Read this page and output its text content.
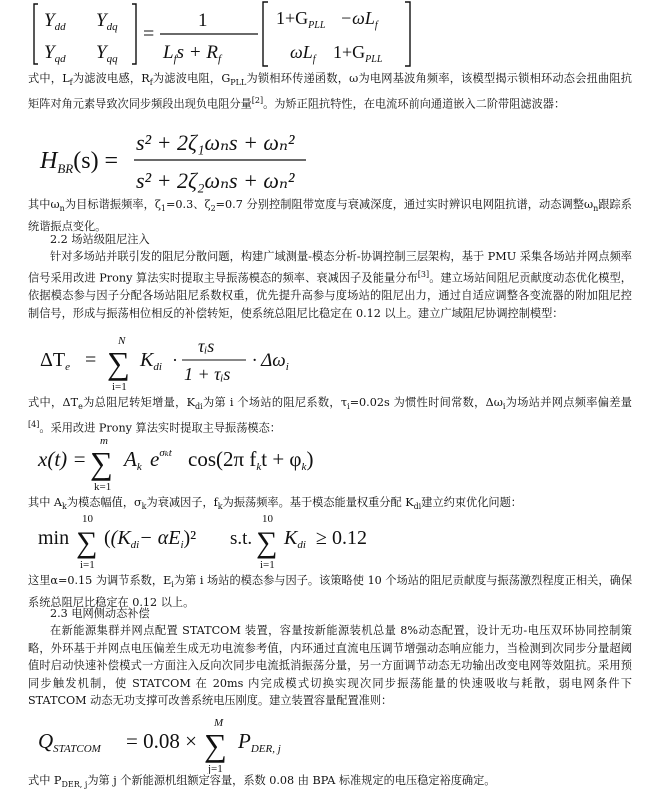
$Y_{dd}$ $Y_{dq}$
$Y_{qd}$ $Y_{qq}$
=
1
$L_fs + R_f$
$1+G_{PLL} -\omega L_f$
$\omega L_f$ $1+G_{PLL}$
式中，$L_f$为滤波电感，$R_f$为滤波电阻，$G_{PLL}$为锁相环传递函数，ω为电网基波角频率，该模型揭示锁相环动态会扭曲阻抗矩阵对角元素导致次同步频段出现负电阻分量[2]。为矫正阻抗特性，在电流环前向通道嵌入二阶带阻滤波器：
$H_{BR}(s)$ =
s² + 2ζ₁ωₙs + ωₙ²
s² + 2ζ₂ωₙs + ωₙ²
其中$\omega_n$为目标谐振频率，$\zeta_1=0.3$、$\zeta_2=0.7$ 分别控制阻带宽度与衰减深度，通过实时辨识电网阻抗谱，动态调整$\omega_n$跟踪系统谐振点变化。
2.2 场站级阻尼注入
针对多场站并联引发的阻尼分散问题，构建广域测量-模态分析-协调控制三层架构，基于 PMU 采集各场站并网点频率信号采用改进 Prony 算法实时提取主导振荡模态的频率、衰减因子及能量分布[3]。建立场站间阻尼贡献度动态优化模型，依据模态参与因子分配各场站阻尼系数权重，优先提升高参与度场站的阻尼出力，通过自适应调整各变流器的附加阻尼控制信号，形成与振荡相位相反的补偿转矩，使系统总阻尼比稳定在 0.12 以上。建立广域阻尼协调控制模型：
$\Delta T_e$ =
N
∑
i=1
$K_{di}$ ·
τᵢs
1 + τᵢs
· $\Delta\omega_i$
式中，$\Delta T_e$为总阻尼转矩增量，$K_{di}$为第 i 个场站的阻尼系数，$\tau_i=0.02s$ 为惯性时间常数，$\Delta\omega_i$为场站并网点频率偏差量[4]。采用改进 Prony 算法实时提取主导振荡模态：
x(t) =
m
∑
k=1
Ak $e^{\sigma_kt}$ cos(2π fkt + φk)
其中 $A_k$为模态幅值，$\sigma_k$为衰减因子，$f_k$为振荡频率。基于模态能量权重分配 $K_{di}$建立约束优化问题：
min
10
∑
i=1
($(K_{di}- \alpha E_i)^2$ s.t.
10
∑
i=1
$K_{di} \ge 0.12$
这里α=0.15 为调节系数，$E_i$为第 i 场站的模态参与因子。该策略使 10 个场站的阻尼贡献度与振荡激烈程度正相关，确保系统总阻尼比稳定在 0.12 以上。
2.3 电网侧动态补偿
在新能源集群并网点配置 STATCOM 装置，容量按新能源装机总量 8%动态配置，设计无功-电压双环协同控制策略，外环基于并网点电压偏差生成无功电流参考值，内环通过直流电压调节增强动态响应能力，当检测到次同步分量超阈值时启动快速补偿模式一方面注入反向次同步电流抵消振荡分量，另一方面调节动态无功输出改变电网等效阻抗。采用预同步触发机制，使 STATCOM 在 20ms 内完成模式切换实现次同步振荡能量的快速吸收与耗散，弱电网条件下 STATCOM 动态无功支撑可改善系统电压刚度。建立装置容量配置准则：
QSTATCOM = 0.08 ×
M
∑
j=1
PDER, j
式中 $P_{DER, j}$为第 j 个新能源机组额定容量，系数 0.08 由 BPA 标准规定的电压稳定裕度确定。
